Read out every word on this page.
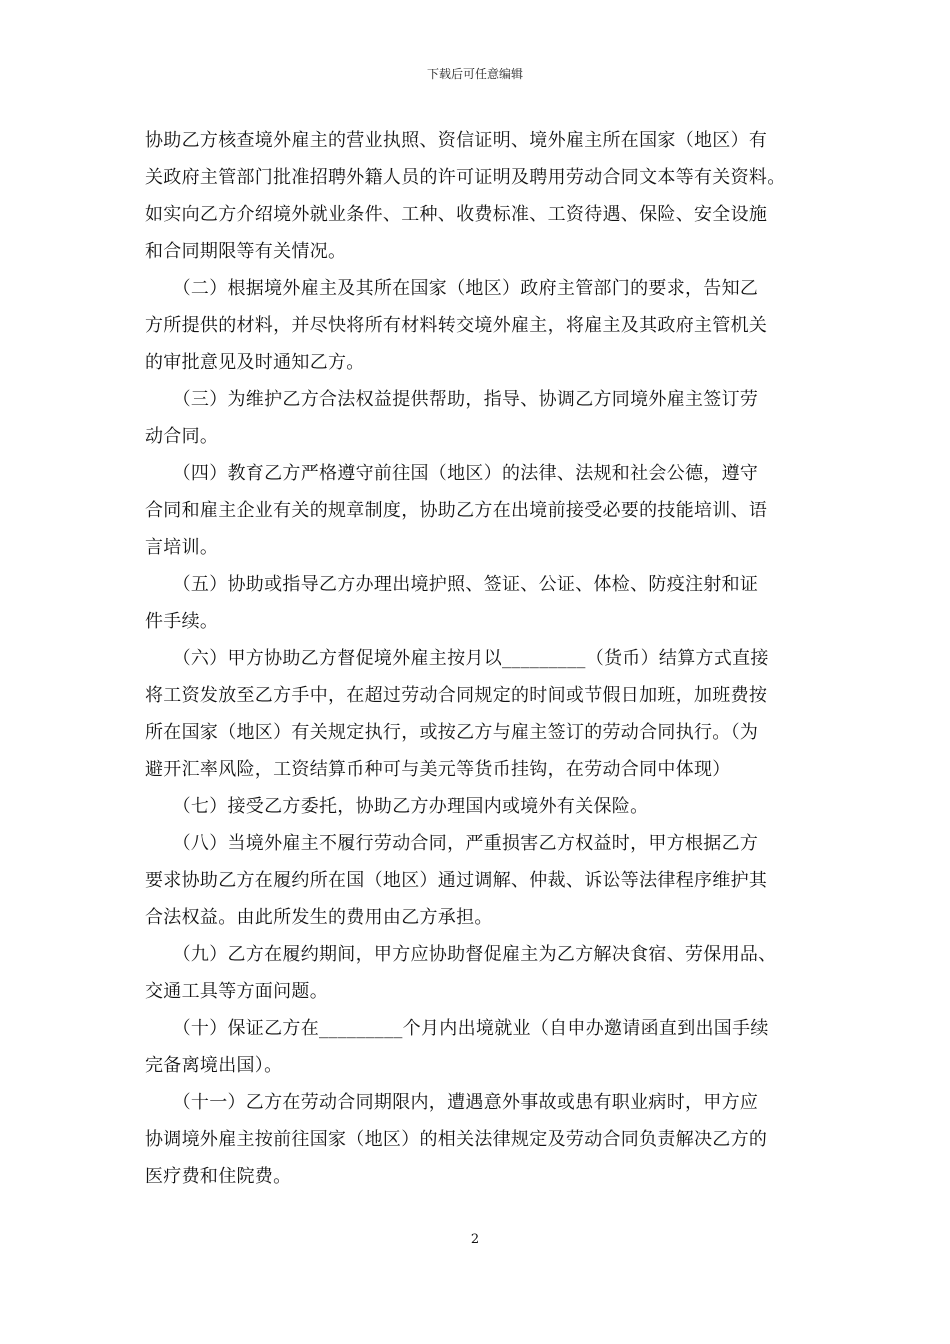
下载后可任意编辑
协助乙方核查境外雇主的营业执照、资信证明、境外雇主所在国家（地区）有
关政府主管部门批准招聘外籍人员的许可证明及聘用劳动合同文本等有关资料。
如实向乙方介绍境外就业条件、工种、收费标准、工资待遇、保险、安全设施
和合同期限等有关情况。
　　（二）根据境外雇主及其所在国家（地区）政府主管部门的要求，告知乙
方所提供的材料，并尽快将所有材料转交境外雇主，将雇主及其政府主管机关
的审批意见及时通知乙方。
　　（三）为维护乙方合法权益提供帮助，指导、协调乙方同境外雇主签订劳
动合同。
　　（四）教育乙方严格遵守前往国（地区）的法律、法规和社会公德，遵守
合同和雇主企业有关的规章制度，协助乙方在出境前接受必要的技能培训、语
言培训。
　　（五）协助或指导乙方办理出境护照、签证、公证、体检、防疫注射和证
件手续。
　　（六）甲方协助乙方督促境外雇主按月以_________（货币）结算方式直接
将工资发放至乙方手中，在超过劳动合同规定的时间或节假日加班，加班费按
所在国家（地区）有关规定执行，或按乙方与雇主签订的劳动合同执行。（为
避开汇率风险，工资结算币种可与美元等货币挂钩，在劳动合同中体现）
　　（七）接受乙方委托，协助乙方办理国内或境外有关保险。
　　（八）当境外雇主不履行劳动合同，严重损害乙方权益时，甲方根据乙方
要求协助乙方在履约所在国（地区）通过调解、仲裁、诉讼等法律程序维护其
合法权益。由此所发生的费用由乙方承担。
　　（九）乙方在履约期间，甲方应协助督促雇主为乙方解决食宿、劳保用品、
交通工具等方面问题。
　　（十）保证乙方在_________个月内出境就业（自申办邀请函直到出国手续
完备离境出国）。
　　（十一）乙方在劳动合同期限内，遭遇意外事故或患有职业病时，甲方应
协调境外雇主按前往国家（地区）的相关法律规定及劳动合同负责解决乙方的
医疗费和住院费。
2
